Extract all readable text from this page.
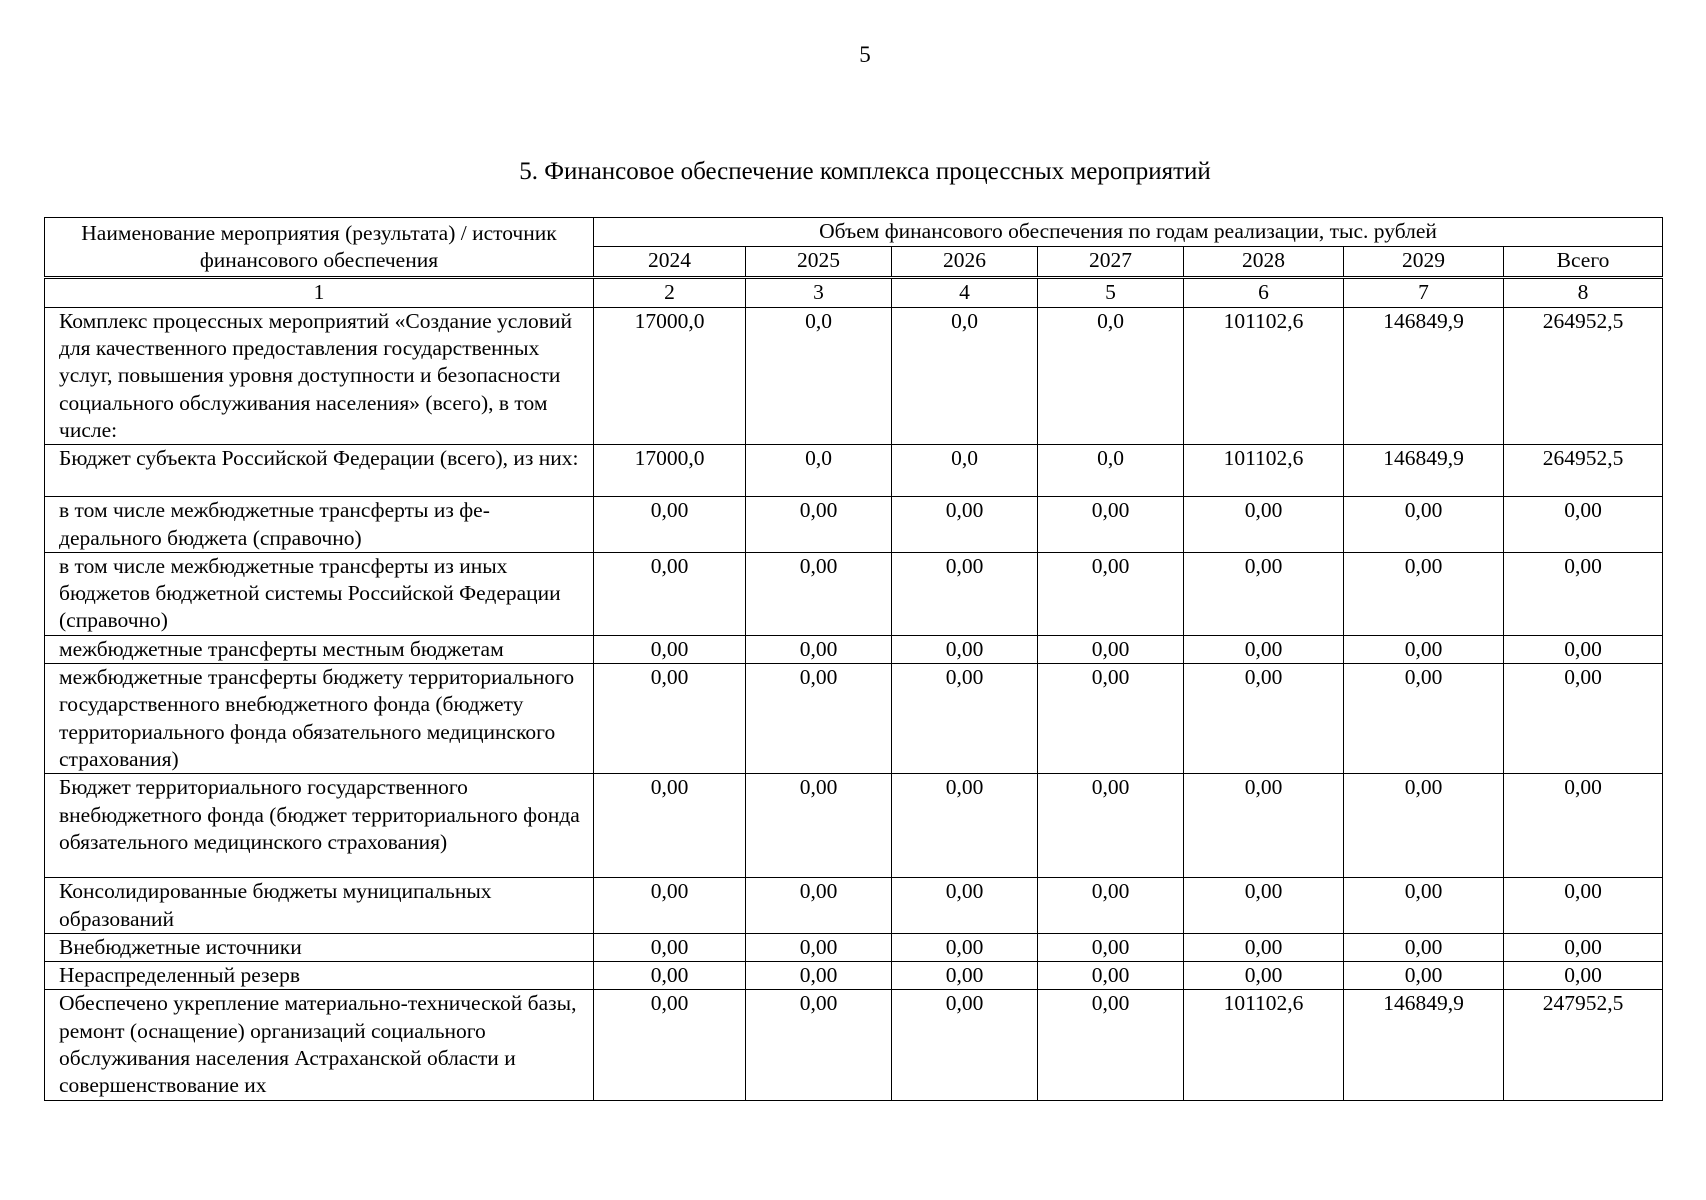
5
5. Финансовое обеспечение комплекса процессных мероприятий
Наименование мероприятия (результата) / источник финансового обеспечения	Объем финансового обеспечения по годам реализации, тыс. рублей						
	2024	2025	2026	2027	2028	2029	Всего
1	2	3	4	5	6	7	8
Комплекс процессных мероприятий «Создание условий для качественного предоставления государственных услуг, повышения уровня доступности и безопасности социального обслуживания населения» (всего), в том числе:	17000,0	0,0	0,0	0,0	101102,6	146849,9	264952,5
Бюджет субъекта Российской Федерации (всего), из них:	17000,0	0,0	0,0	0,0	101102,6	146849,9	264952,5
в том числе межбюджетные трансферты из федерального бюджета (справочно)	0,00	0,00	0,00	0,00	0,00	0,00	0,00
в том числе межбюджетные трансферты из иных бюджетов бюджетной системы Российской Федерации (справочно)	0,00	0,00	0,00	0,00	0,00	0,00	0,00
межбюджетные трансферты местным бюджетам	0,00	0,00	0,00	0,00	0,00	0,00	0,00
межбюджетные трансферты бюджету территориального государственного внебюджетного фонда (бюджету территориального фонда обязательного медицинского страхования)	0,00	0,00	0,00	0,00	0,00	0,00	0,00
Бюджет территориального государственного внебюджетного фонда (бюджет территориального фонда обязательного медицинского страхования)	0,00	0,00	0,00	0,00	0,00	0,00	0,00
Консолидированные бюджеты муниципальных образований	0,00	0,00	0,00	0,00	0,00	0,00	0,00
Внебюджетные источники	0,00	0,00	0,00	0,00	0,00	0,00	0,00
Нераспределенный резерв	0,00	0,00	0,00	0,00	0,00	0,00	0,00
Обеспечено укрепление материально-технической базы, ремонт (оснащение) организаций социального обслуживания населения Астраханской области и совершенствование их	0,00	0,00	0,00	0,00	101102,6	146849,9	247952,5
